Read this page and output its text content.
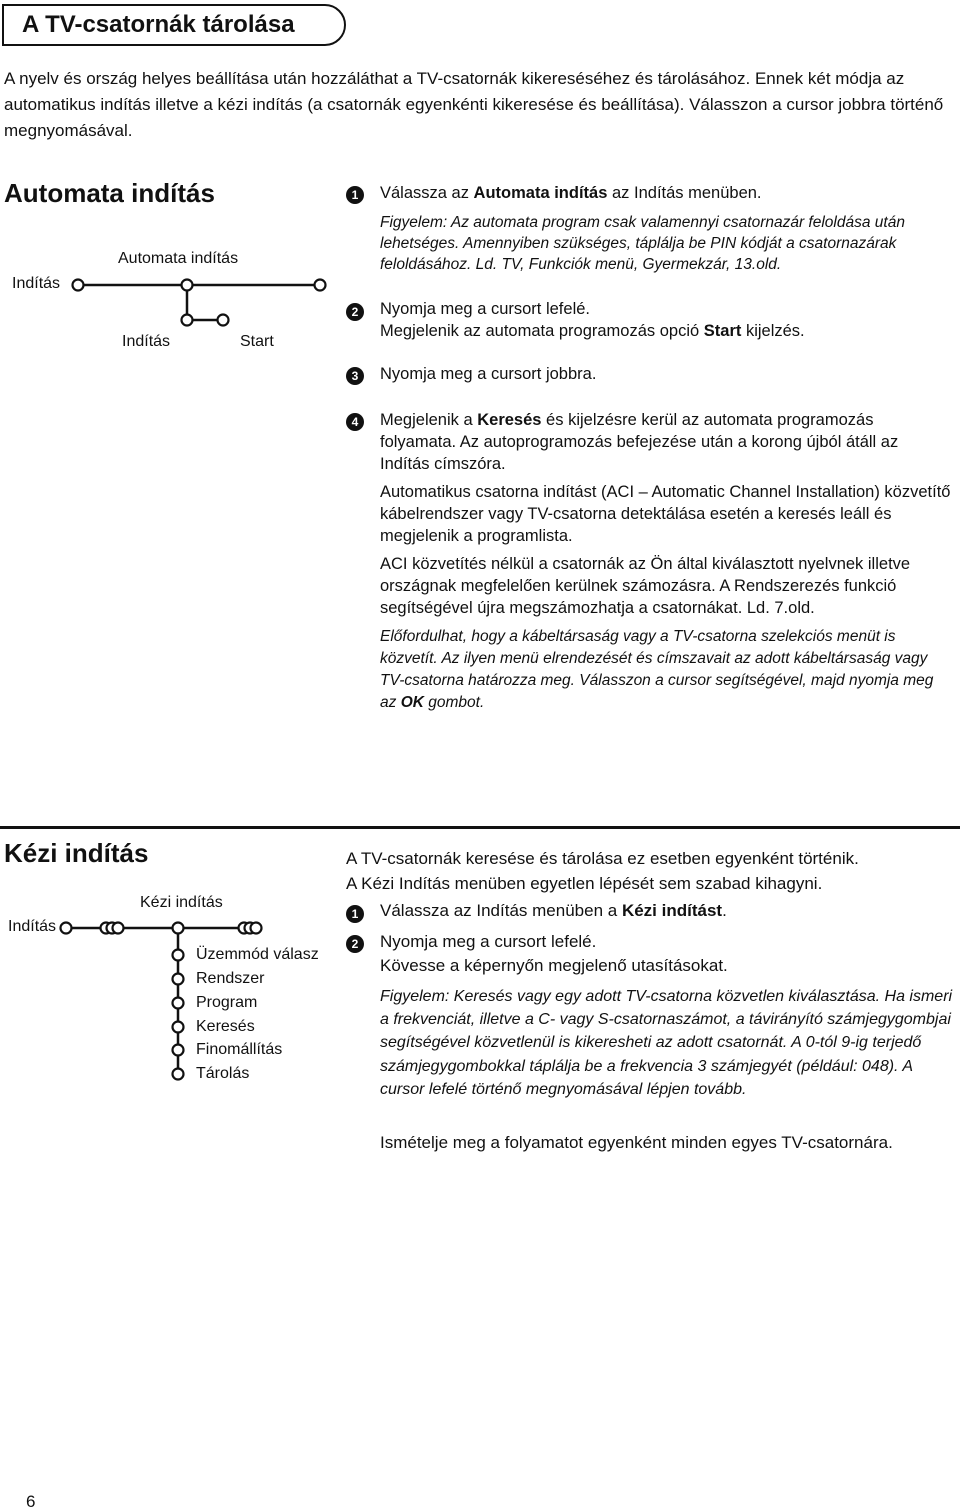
A TV-csatornák tárolása
A nyelv és ország helyes beállítása után hozzáláthat a TV-csatornák kikereséséhez és tárolásához. Ennek két módja az automatikus indítás illetve a kézi indítás (a csatornák egyenkénti kikeresése és beállítása). Válasszon a cursor jobbra történő megnyomásával.
Automata indítás
Indítás
Automata indítás
Indítás	Start
1	Válassza az Automata indítás az Indítás menüben.
Figyelem: Az automata program csak valamennyi csatornazár feloldása után lehetséges. Amennyiben szükséges, táplálja be PIN kódját a csatornazárak feloldásához. Ld. TV, Funkciók menü, Gyermekzár, 13.old.
2	Nyomja meg a cursort lefelé.
Megjelenik az automata programozás opció Start kijelzés.
3	Nyomja meg a cursort jobbra.
4	Megjelenik a Keresés és kijelzésre kerül az automata programozás folyamata. Az autoprogramozás befejezése után a korong újból átáll az Indítás címszóra.
Automatikus csatorna indítást (ACI – Automatic Channel Installation) közvetítő kábelrendszer vagy TV-csatorna detektálása esetén a keresés leáll és megjelenik a programlista.
ACI közvetítés nélkül a csatornák az Ön által kiválasztott nyelvnek illetve országnak megfelelően kerülnek számozásra. A Rendszerezés funkció segítségével újra megszámozhatja a csatornákat. Ld. 7.old.
Előfordulhat, hogy a kábeltársaság vagy a TV-csatorna szelekciós menüt is közvetít. Az ilyen menü elrendezését és címszavait az adott kábeltársaság vagy TV-csatorna határozza meg. Válasszon a cursor segítségével, majd nyomja meg az OK gombot.
Kézi indítás
Indítás
Kézi indítás
Üzemmód válasz
Rendszer
Program
Keresés
Finomállítás
Tárolás
A TV-csatornák keresése és tárolása ez esetben egyenként történik.
A Kézi Indítás menüben egyetlen lépését sem szabad kihagyni.
1	Válassza az Indítás menüben a Kézi indítást.
2	Nyomja meg a cursort lefelé.
Kövesse a képernyőn megjelenő utasításokat.
Figyelem: Keresés vagy egy adott TV-csatorna közvetlen kiválasztása. Ha ismeri a frekvenciát, illetve a C- vagy S-csatornaszámot, a távirányító számjegygombjai segítségével közvetlenül is kikeresheti az adott csatornát. A 0-tól 9-ig terjedő számjegygombokkal táplálja be a frekvencia 3 számjegyét (például: 048). A cursor lefelé történő megnyomásával lépjen tovább.
Ismételje meg a folyamatot egyenként minden egyes TV-csatornára.
6
